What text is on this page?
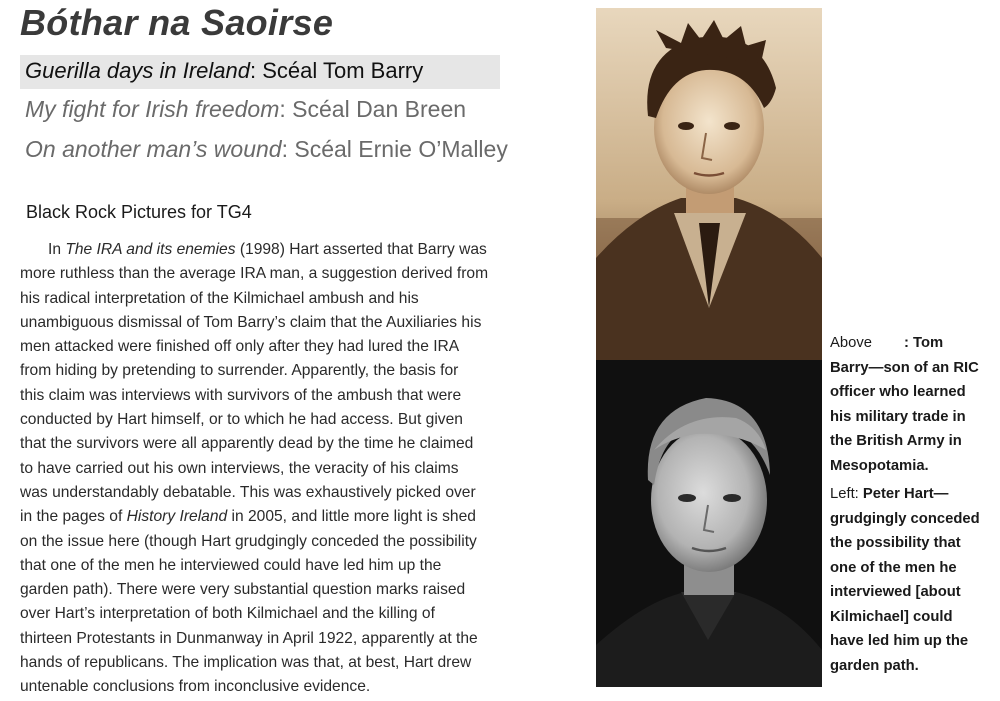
Bóthar na Saoirse
Guerilla days in Ireland: Scéal Tom Barry
My fight for Irish freedom: Scéal Dan Breen
On another man’s wound: Scéal Ernie O’Malley
Black Rock Pictures for TG4
In The IRA and its enemies (1998) Hart asserted that Barry was
more ruthless than the average IRA man, a suggestion derived from
his radical interpretation of the Kilmichael ambush and his
unambiguous dismissal of Tom Barry’s claim that the Auxiliaries his
men attacked were finished off only after they had lured the IRA
from hiding by pretending to surrender. Apparently, the basis for
this claim was interviews with survivors of the ambush that were
conducted by Hart himself, or to which he had access. But given
that the survivors were all apparently dead by the time he claimed
to have carried out his own interviews, the veracity of his claims
was understandably debatable. This was exhaustively picked over
in the pages of History Ireland in 2005, and little more light is shed
on the issue here (though Hart grudgingly conceded the possibility
that one of the men he interviewed could have led him up the
garden path). There were very substantial question marks raised
over Hart’s interpretation of both Kilmichael and the killing of
thirteen Protestants in Dunmanway in April 1922, apparently at the
hands of republicans. The implication was that, at best, Hart drew
untenable conclusions from inconclusive evidence.
Above : Tom
Barry—son of an RIC
officer who learned
his military trade in
the British Army in
Mesopotamia.
Left: Peter Hart—
grudgingly conceded
the possibility that
one of the men he
interviewed [about
Kilmichael] could
have led him up the
garden path.
